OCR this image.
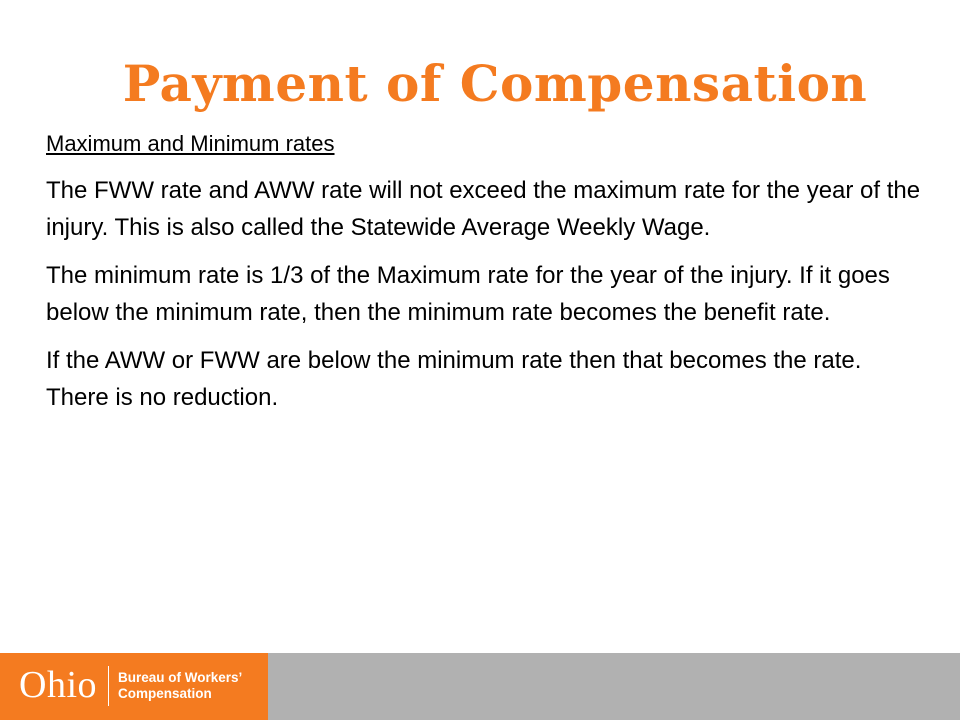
Payment of Compensation

Maximum and Minimum rates

The FWW rate and AWW rate will not exceed the maximum rate for the year of the injury. This is also called the Statewide Average Weekly Wage.

The minimum rate is 1/3 of the Maximum rate for the year of the injury. If it goes below the minimum rate, then the minimum rate becomes the benefit rate.

If the AWW or FWW are below the minimum rate then that becomes the rate. There is no reduction.

Ohio Bureau of Workers’
Compensation
